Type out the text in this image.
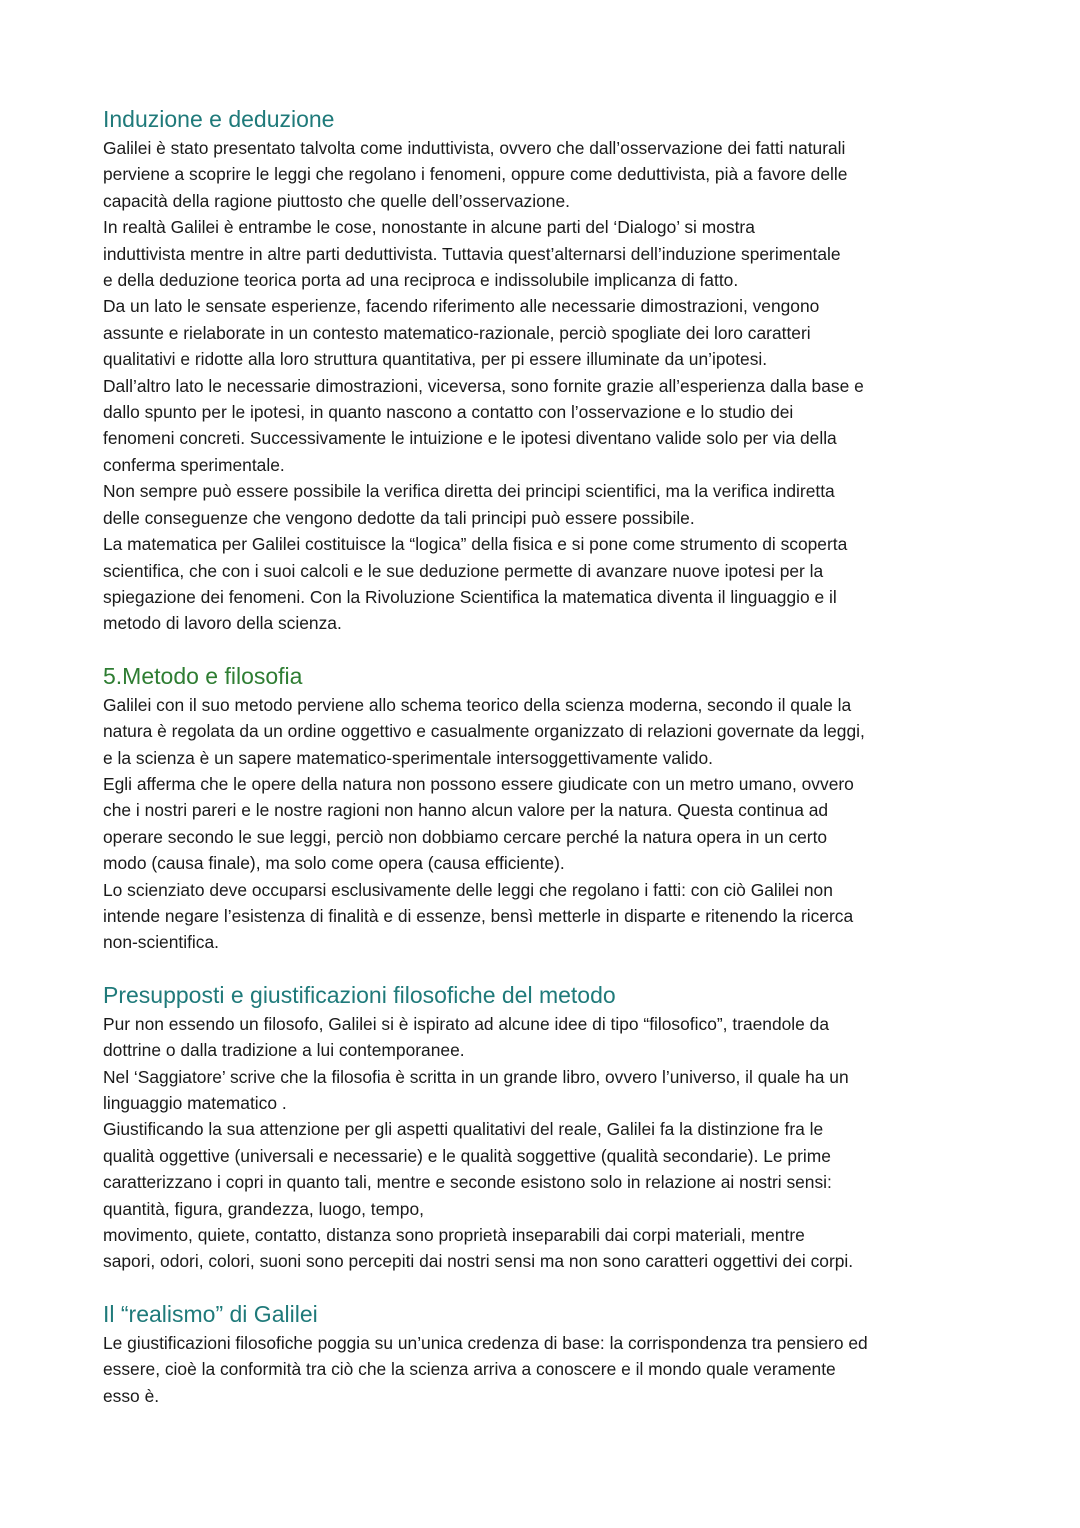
Induzione e deduzione

Galilei è stato presentato talvolta come induttivista, ovvero che dall’osservazione dei fatti naturali

perviene a scoprire le leggi che regolano i fenomeni, oppure come deduttivista, pià a favore delle

capacità della ragione piuttosto che quelle dell’osservazione.

In realtà Galilei è entrambe le cose, nonostante in alcune parti del ‘Dialogo’ si mostra

induttivista mentre in altre parti deduttivista. Tuttavia quest’alternarsi dell’induzione sperimentale

e della deduzione teorica porta ad una reciproca e indissolubile implicanza di fatto.

Da un lato le sensate esperienze, facendo riferimento alle necessarie dimostrazioni, vengono

assunte e rielaborate in un contesto matematico-razionale, perciò spogliate dei loro caratteri

qualitativi e ridotte alla loro struttura quantitativa, per pi essere illuminate da un’ipotesi.

Dall’altro lato le necessarie dimostrazioni, viceversa, sono fornite grazie all’esperienza dalla base e

dallo spunto per le ipotesi, in quanto nascono a contatto con l’osservazione e lo studio dei

fenomeni concreti. Successivamente le intuizione e le ipotesi diventano valide solo per via della

conferma sperimentale.

Non sempre può essere possibile la verifica diretta dei principi scientifici, ma la verifica indiretta

delle conseguenze che vengono dedotte da tali principi può essere possibile.

La matematica per Galilei costituisce la “logica” della fisica e si pone come strumento di scoperta

scientifica, che con i suoi calcoli e le sue deduzione permette di avanzare nuove ipotesi per la

spiegazione dei fenomeni. Con la Rivoluzione Scientifica la matematica diventa il linguaggio e il

metodo di lavoro della scienza.

5.Metodo e filosofia

Galilei con il suo metodo perviene allo schema teorico della scienza moderna, secondo il quale la

natura è regolata da un ordine oggettivo e casualmente organizzato di relazioni governate da leggi,

e la scienza è un sapere matematico-sperimentale intersoggettivamente valido.

Egli afferma che le opere della natura non possono essere giudicate con un metro umano, ovvero

che i nostri pareri e le nostre ragioni non hanno alcun valore per la natura. Questa continua ad

operare secondo le sue leggi, perciò non dobbiamo cercare perché la natura opera in un certo

modo (causa finale), ma solo come opera (causa efficiente).

Lo scienziato deve occuparsi esclusivamente delle leggi che regolano i fatti: con ciò Galilei non

intende negare l’esistenza di finalità e di essenze, bensì metterle in disparte e ritenendo la ricerca

non-scientifica.

Presupposti e giustificazioni filosofiche del metodo

Pur non essendo un filosofo, Galilei si è ispirato ad alcune idee di tipo “filosofico”, traendole da

dottrine o dalla tradizione a lui contemporanee.

Nel ‘Saggiatore’ scrive che la filosofia è scritta in un grande libro, ovvero l’universo, il quale ha un

linguaggio matematico .

Giustificando la sua attenzione per gli aspetti qualitativi del reale, Galilei fa la distinzione fra le

qualità oggettive (universali e necessarie) e le qualità soggettive (qualità secondarie). Le prime

caratterizzano i copri in quanto tali, mentre e seconde esistono solo in relazione ai nostri sensi:

quantità, figura, grandezza, luogo, tempo,

movimento, quiete, contatto, distanza sono proprietà inseparabili dai corpi materiali, mentre

sapori, odori, colori, suoni sono percepiti dai nostri sensi ma non sono caratteri oggettivi dei corpi.

Il “realismo” di Galilei

Le giustificazioni filosofiche poggia su un’unica credenza di base: la corrispondenza tra pensiero ed

essere, cioè la conformità tra ciò che la scienza arriva a conoscere e il mondo quale veramente

esso è.
